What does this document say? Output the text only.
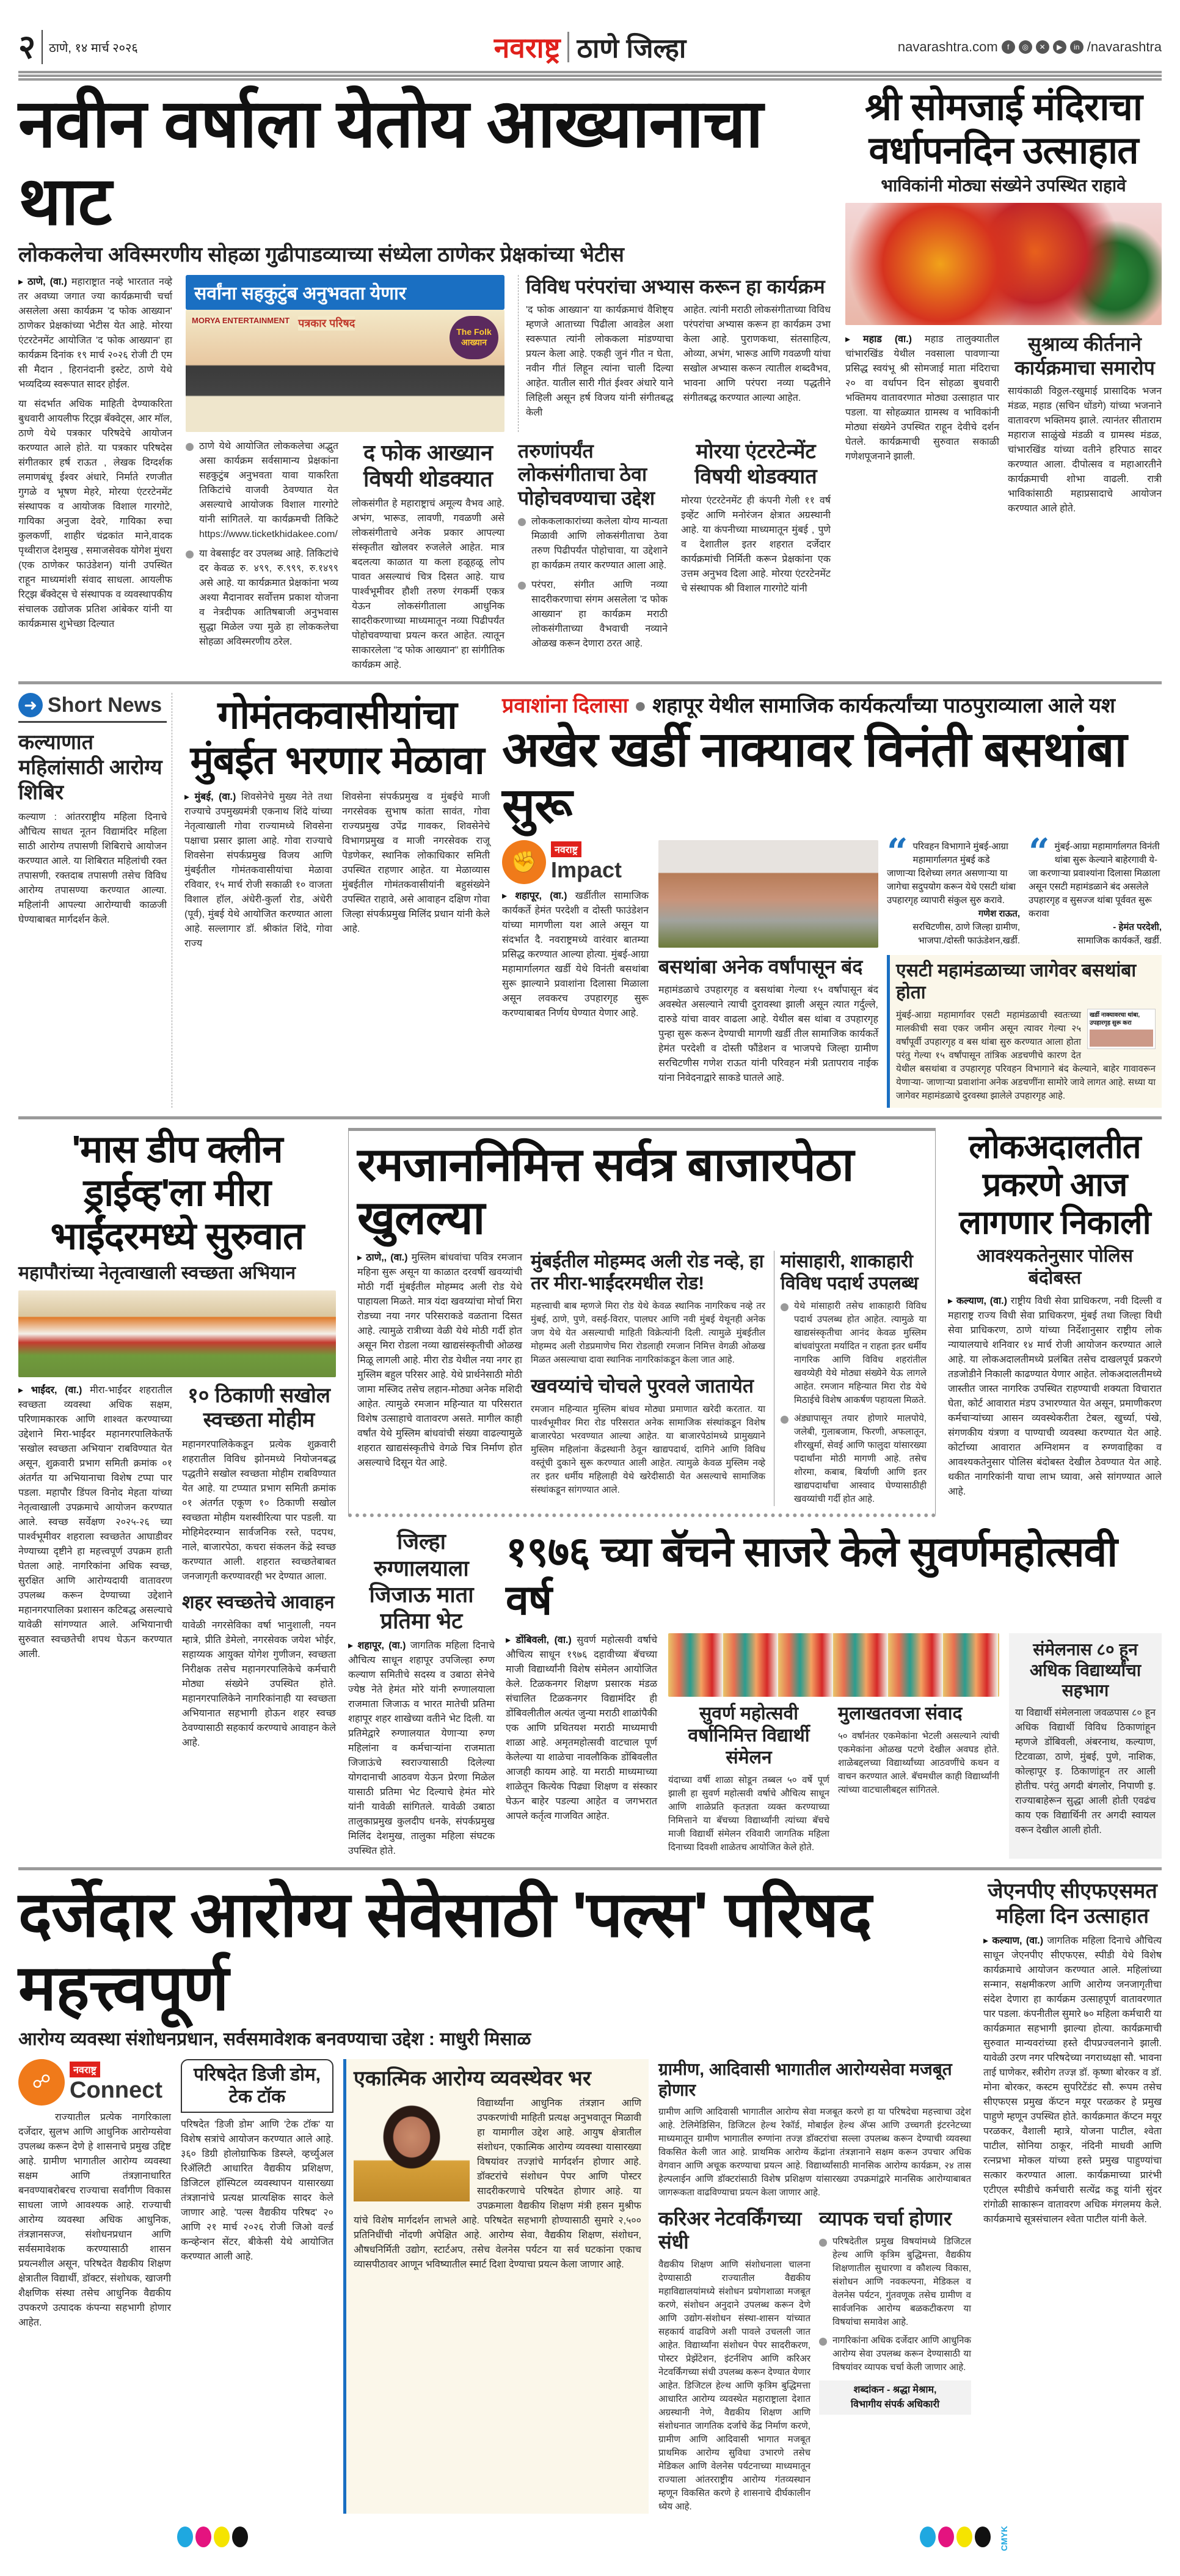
२ ठाणे, १४ मार्च २०२६	नवराष्ट्र ठाणे जिल्हा	navarashtra.com	f	◎	✕	▶	in /navarashtra
नवीन वर्षाला येतोय आख्यानाचा थाट
लोककलेचा अविस्मरणीय सोहळा गुढीपाडव्याच्या संध्येला ठाणेकर प्रेक्षकांच्या भेटीस
▸ ठाणे, (वा.) महाराष्ट्रात नव्हे भारतात नव्हे तर अवघ्या जगात ज्या कार्यक्रमाची चर्चा असलेला असा कार्यक्रम 'द फोक आख्यान' ठाणेकर प्रेक्षकांच्या भेटीस येत आहे. मोरया एंटरटेनमेंट आयोजित 'द फोक आख्यान' हा कार्यक्रम दिनांक १९ मार्च २०२६ रोजी टी एम सी मैदान , हिरानंदानी इस्टेट, ठाणे येथे भव्यदिव्य स्वरूपात सादर होईल.

या संदर्भात अधिक माहिती देण्याकरिता बुधवारी आयलीफ रिट्झ बँक्वेट्स, आर मॉल, ठाणे येथे पत्रकार परिषदेचे आयोजन करण्यात आले होते. या पत्रकार परिषदेस संगीतकार हर्ष राऊत , लेखक दिग्दर्शक लमाणबंधू ईश्वर अंधारे, निर्माते रणजीत गुगळे व भूषण मेहरे, मोरया एंटरटेनमेंट संस्थापक व आयोजक विशाल गारगोटे, गायिका अनुजा देवरे, गायिका रुचा कुलकर्णी, शाहीर चंद्रकांत माने,वादक पृथ्वीराज देशमुख , समाजसेवक योगेश मुंधरा (एक ठाणेकर फाउंडेशन) यांनी उपस्थित राहून माध्यमांशी संवाद साधला. आयलीफ रिट्झ बँक्वेट्स चे संस्थापक व व्यवस्थापकीय संचालक उद्योजक प्रतिश आंबेकर यांनी या कार्यक्रमास शुभेच्छा दिल्यात

सर्वांना सहकुटुंब अनुभवता येणार
MORYA ENTERTAINMENT पत्रकार परिषद
The Folk आख्यान

ठाणे येथे आयोजित लोककलेचा अद्भुत असा कार्यक्रम सर्वसामान्य प्रेक्षकांना सहकुटुंब अनुभवता यावा याकरिता तिकिटांचे वाजवी ठेवण्यात येत असल्याचे आयोजक विशाल गारगोटे यांनी सांगितले. या कार्यक्रमची तिकिटे https://www.ticketkhidakee.com/

या वेबसाईट वर उपलब्ध आहे. तिकिटांचे दर केवळ रु. ४९९, रु.९९९, रु.१४९९ असे आहे. या कार्यक्रमात प्रेक्षकांना भव्य अश्या मैदानावर सर्वोत्तम प्रकाश योजना व नेत्रदीपक आतिषबाजी अनुभवास सुद्धा मिळेल ज्या मुळे हा लोककलेचा सोहळा अविस्मरणीय ठरेल.

द फोक आख्यान विषयी थोडक्यात
लोकसंगीत हे महाराष्ट्राचं अमूल्य वैभव आहे. अभंग, भारूड, लावणी, गवळणी असे लोकसंगीताचे अनेक प्रकार आपल्या संस्कृतीत खोलवर रुजलेले आहेत. मात्र बदलत्या काळात या कला हळूहळू लोप पावत असल्याचं चित्र दिसत आहे. याच पार्श्वभूमीवर हौशी तरुण रंगकर्मी एकत्र येऊन लोकसंगीताला आधुनिक सादरीकरणाच्या माध्यमातून नव्या पिढीपर्यंत पोहोचवण्याचा प्रयत्न करत आहेत. त्यातून साकारलेला "द फोक आख्यान" हा सांगीतिक कार्यक्रम आहे.
विविध परंपरांचा अभ्यास करून हा कार्यक्रम
'द फोक आख्यान' या कार्यक्रमाचं वैशिष्ट्य म्हणजे आताच्या पिढीला आवडेल अशा स्वरूपात त्यांनी लोककला मांडण्याचा प्रयत्न केला आहे. एकही जुनं गीत न घेता, नवीन गीतं लिहून त्यांना चाली दिल्या आहेत. यातील सारी गीतं ईश्वर अंधारे याने लिहिली असून हर्ष विजय यांनी संगीतबद्ध केली
आहेत. त्यांनी मराठी लोकसंगीताच्या विविध परंपरांचा अभ्यास करून हा कार्यक्रम उभा केला आहे. पुराणकथा, संतसाहित्य, ओव्या, अभंग, भारूड आणि गवळणी यांचा सखोल अभ्यास करून त्यातील शब्दवैभव, भावना आणि परंपरा नव्या पद्धतीने संगीतबद्ध करण्यात आल्या आहेत.
तरुणांपर्यंत लोकसंगीताचा ठेवा पोहोचवण्याचा उद्देश

लोककलाकारांच्या कलेला योग्य मान्यता मिळावी आणि लोकसंगीताचा ठेवा तरुण पिढीपर्यंत पोहोचावा, या उद्देशाने हा कार्यक्रम तयार करण्यात आला आहे.

परंपरा, संगीत आणि नव्या सादरीकरणाचा संगम असलेला 'द फोक आख्यान' हा कार्यक्रम मराठी लोकसंगीताच्या वैभवाची नव्याने ओळख करून देणारा ठरत आहे.

मोरया एंटरटेन्मेंट विषयी थोडक्यात
मोरया एंटरटेनमेंट ही कंपनी गेली ११ वर्ष इव्हेंट आणि मनोरंजन क्षेत्रात अग्रस्थानी आहे. या कंपनीच्या माध्यमातून मुंबई , पुणे व देशातील इतर शहरात दर्जेदार कार्यक्रमांची निर्मिती करून प्रेक्षकांना एक उत्तम अनुभव दिला आहे. मोरया एंटरटेनमेंट चे संस्थापक श्री विशाल गारगोटे यांनी
श्री सोमजाई मंदिराचा वर्धापनदिन उत्साहात
भाविकांनी मोठ्या संख्येने उपस्थित राहावे
▸ महाड (वा.) महाड तालुक्यातील चांभारखिंड येथील नवसाला पावणाऱ्या प्रसिद्ध स्वयंभू श्री सोमजाई माता मंदिराचा २० वा वर्धापन दिन सोहळा बुधवारी भक्तिमय वातावरणात मोठ्या उत्साहात पार पडला. या सोहळ्यात ग्रामस्थ व भाविकांनी मोठ्या संख्येने उपस्थित राहून देवीचे दर्शन घेतले. कार्यक्रमाची सुरुवात सकाळी गणेशपूजनाने झाली.
सुश्राव्य कीर्तनाने कार्यक्रमाचा समारोप
सायंकाळी विठ्ठल-रखुमाई प्रासादिक भजन मंडळ, महाड (सचिन धोंडगे) यांच्या भजनाने वातावरण भक्तिमय झाले. त्यानंतर सीताराम महाराज साळुंखे मंडळी व ग्रामस्थ मंडळ, चांभारखिंड यांच्या वतीने हरिपाठ सादर करण्यात आला. दीपोत्सव व महाआरतीने कार्यक्रमाची शोभा वाढली. रात्री भाविकांसाठी महाप्रसादाचे आयोजन करण्यात आले होते.
➜ Short News
कल्याणात महिलांसाठी आरोग्य शिबिर
कल्याण : आंतरराष्ट्रीय महिला दिनाचे औचित्य साधत नूतन विद्यामंदिर महिला साठी आरोग्य तपासणी शिबिराचे आयोजन करण्यात आले. या शिबिरात महिलांची रक्त तपासणी, रक्तदाब तपासणी तसेच विविध आरोग्य तपासण्या करण्यात आल्या. महिलांनी आपल्या आरोग्याची काळजी घेण्याबाबत मार्गदर्शन केले.
गोमंतकवासीयांचा मुंबईत भरणार मेळावा
▸ मुंबई, (वा.) शिवसेनेचे मुख्य नेते तथा राज्याचे उपमुख्यमंत्री एकनाथ शिंदे यांच्या नेतृत्वाखाली गोवा राज्यामध्ये शिवसेना पक्षाचा प्रसार झाला आहे. गोवा राज्याचे शिवसेना संपर्कप्रमुख विजय आणि मुंबईतील गोमंतकवासीयांचा मेळावा रविवार, १५ मार्च रोजी सकाळी १० वाजता विशाल हॉल, अंधेरी-कुर्ला रोड, अंधेरी (पूर्व), मुंबई येथे आयोजित करण्यात आला आहे. सल्लागार डॉ. श्रीकांत शिंदे, गोवा राज्य
शिवसेना संपर्कप्रमुख व मुंबईचे माजी नगरसेवक सुभाष कांता सावंत, गोवा राज्यप्रमुख उपेंद्र गावकर, शिवसेनेचे विभागप्रमुख व माजी नगरसेवक राजू पेडणेकर, स्थानिक लोकाधिकार समिती उपस्थित राहणार आहेत. या मेळाव्यास मुंबईतील गोमंतकवासीयांनी बहुसंख्येने उपस्थित राहावे, असे आवाहन दक्षिण गोवा जिल्हा संपर्कप्रमुख मिलिंद प्रधान यांनी केले आहे.
प्रवाशांना दिलासा ● शहापूर येथील सामाजिक कार्यकर्त्यांच्या पाठपुराव्याला आले यश
अखेर खर्डी नाक्यावर विनंती बसथांबा सुरू
✊
नवराष्ट्र
Impact
▸ शहापूर, (वा.) खर्डीतील सामाजिक कार्यकर्ते हेमंत परदेशी व दोस्ती फाउंडेशन यांच्या मागणीला यश आले असून या संदर्भात दै. नवराष्ट्रमध्ये वारंवार बातम्या प्रसिद्ध करण्यात आल्या होत्या. मुंबई-आग्रा महामार्गालगत खर्डी येथे विनंती बसथांबा सुरू झाल्याने प्रवाशांना दिलासा मिळाला असून लवकरच उपहारगृह सुरू करण्याबाबत निर्णय घेण्यात येणार आहे.
“ परिवहन विभागाने मुंबई-आग्रा महामार्गालगत मुंबई कडे जाणाऱ्या दिशेच्या लगत असणाऱ्या या जागेचा सदुपयोग करून येथे एसटी थांबा उपहारगृह व्यापारी संकुल सुरु करावे.
गणेश राऊत,
सरचिटणीस, ठाणे जिल्हा ग्रामीण, भाजपा./दोस्ती फाऊंडेशन,खर्डी.
“ मुंबई-आग्रा महामार्गालगत विनंती थांबा सुरू केल्याने बाहेरगावी ये-जा करणाऱ्या प्रवाश्यांना दिलासा मिळाला असून एसटी महामंडळाने बंद असलेले उपहारगृह व सुसज्ज थांबा पूर्ववत सुरू करावा
- हेमंत परदेशी,
सामाजिक कार्यकर्ते, खर्डी.
बसथांबा अनेक वर्षांपासून बंद
महामंडळाचे उपहारगृह व बसथांबा गेल्या १५ वर्षांपासून बंद अवस्थेत असल्याने त्याची दुरावस्था झाली असून त्यात गर्दुल्ले, दारुडे यांचा वावर वाढला आहे. येथील बस थांबा व उपहारगृह पुन्हा सुरू करून देण्याची मागणी खर्डी तील सामाजिक कार्यकर्ते हेमंत परदेशी व दोस्ती फौंडेशन व भाजपचे जिल्हा ग्रामीण सरचिटणीस गणेश राऊत यांनी परिवहन मंत्री प्रतापराव नाईक यांना निवेदनाद्वारे साकडे घातले आहे.
एसटी महामंडळाच्या जागेवर बसथांबा होता
खर्डी नाक्यावरचा थांबा, उपहारगृह सुरू करा
मुंबई-आग्रा महामार्गावर एसटी महामंडळाची स्वतःच्या मालकीची सवा एकर जमीन असून त्यावर गेल्या २५ वर्षांपूर्वी उपहारगृह व बस थांबा सुरु करण्यात आला होता परंतु गेल्या १५ वर्षांपासून तांत्रिक अडचणीचे कारण देत येथील बसथांबा व उपहारगृह परिवहन विभागाने बंद केल्याने, बाहेर गावावरून येणाऱ्या- जाणाऱ्या प्रवाशांना अनेक अडचणींना सामोरे जावे लागत आहे. सध्या या जागेवर महामंडळाचे दुरवस्था झालेले उपहारगृह आहे.
'मास डीप क्लीन ड्राईव्ह'ला मीरा भाईंदरमध्ये सुरुवात
महापौरांच्या नेतृत्वाखाली स्वच्छता अभियान
▸ भाईंदर, (वा.) मीरा-भाईंदर शहरातील स्वच्छता व्यवस्था अधिक सक्षम, परिणामकारक आणि शाश्वत करण्याच्या उद्देशाने मिरा-भाईंदर महानगरपालिकेतर्फे 'सखोल स्वच्छता अभियान' राबविण्यात येत असून, शुक्रवारी प्रभाग समिती क्रमांक ०१ अंतर्गत या अभियानाचा विशेष टप्पा पार पडला. महापौर डिंपल विनोद मेहता यांच्या नेतृत्वाखाली उपक्रमाचे आयोजन करण्यात आले. स्वच्छ सर्वेक्षण २०२५-२६ च्या पार्श्वभूमीवर शहराला स्वच्छतेत आघाडीवर नेण्याच्या दृष्टीने हा महत्त्वपूर्ण उपक्रम हाती घेतला आहे. नागरिकांना अधिक स्वच्छ, सुरक्षित आणि आरोग्यदायी वातावरण उपलब्ध करून देण्याच्या उद्देशाने महानगरपालिका प्रशासन कटिबद्ध असल्याचे यावेळी सांगण्यात आले. अभियानाची सुरुवात स्वच्छतेची शपथ घेऊन करण्यात आली.
१० ठिकाणी सखोल स्वच्छता मोहीम
महानगरपालिकेकडून प्रत्येक शुक्रवारी शहरातील विविध झोनमध्ये नियोजनबद्ध पद्धतीने सखोल स्वच्छता मोहीम राबविण्यात येत आहे. या टप्प्यात प्रभाग समिती क्रमांक ०१ अंतर्गत एकूण १० ठिकाणी सखोल स्वच्छता मोहीम यशस्वीरित्या पार पडली. या मोहिमेदरम्यान सार्वजनिक रस्ते, पदपथ, नाले, बाजारपेठा, कचरा संकलन केंद्रे स्वच्छ करण्यात आली. शहरात स्वच्छतेबाबत जनजागृती करण्यावरही भर देण्यात आला.
शहर स्वच्छतेचे आवाहन
यावेळी नगरसेविका वर्षा भानुशाली, नयन म्हात्रे, प्रीति डेमेलो, नगरसेवक जयेश भोईर, सहाय्यक आयुक्त योगेश गुणीजन, स्वच्छता निरीक्षक तसेच महानगरपालिकेचे कर्मचारी मोठ्या संख्येने उपस्थित होते. महानगरपालिकेने नागरिकांनाही या स्वच्छता अभियानात सहभागी होऊन शहर स्वच्छ ठेवण्यासाठी सहकार्य करण्याचे आवाहन केले आहे.
रमजाननिमित्त सर्वत्र बाजारपेठा खुलल्या
▸ ठाणे,, (वा.) मुस्लिम बांधवांचा पवित्र रमजान महिना सुरू असून या काळात दरवर्षी खवय्यांची मोठी गर्दी मुंबईतील मोहम्मद अली रोड येथे पाहायला मिळते. मात्र यंदा खवय्यांचा मोर्चा मिरा रोडच्या नया नगर परिसराकडे वळताना दिसत आहे. त्यामुळे रात्रीच्या वेळी येथे मोठी गर्दी होत असून मिरा रोडला नव्या खाद्यसंस्कृतीची ओळख मिळू लागली आहे. मीरा रोड येथील नया नगर हा मुस्लिम बहुल परिसर आहे. येथे प्रार्थनेसाठी मोठी जामा मस्जिद तसेच लहान-मोठ्या अनेक मशिदी आहेत. त्यामुळे रमजान महिन्यात या परिसरात विशेष उत्साहाचे वातावरण असते. मागील काही वर्षांत येथे मुस्लिम बांधवांची संख्या वाढल्यामुळे शहरात खाद्यसंस्कृतीचे वेगळे चित्र निर्माण होत असल्याचे दिसून येत आहे.
मुंबईतील मोहम्मद अली रोड नव्हे, हा तर मीरा-भाईंदरमधील रोड!
महत्त्वाची बाब म्हणजे मिरा रोड येथे केवळ स्थानिक नागरिकच नव्हे तर मुंबई, ठाणे, पुणे, वसई-विरार, पालघर आणि नवी मुंबई येथूनही अनेक जण येथे येत असल्याची माहिती विक्रेत्यांनी दिली. त्यामुळे मुंबईतील मोहम्मद अली रोडप्रमाणेच मिरा रोडलाही रमजान निमित्त वेगळी ओळख मिळत असल्याचा दावा स्थानिक नागरिकांकडून केला जात आहे.
खवय्यांचे चोचले पुरवले जातायेत
रमजान महिन्यात मुस्लिम बांधव मोठ्या प्रमाणात खरेदी करतात. या पार्श्वभूमीवर मिरा रोड परिसरात अनेक सामाजिक संस्थांकडून विशेष बाजारपेठा भरवण्यात आल्या आहेत. या बाजारपेठांमध्ये प्रामुख्याने मुस्लिम महिलांना केंद्रस्थानी ठेवून खाद्यपदार्थ, दागिने आणि विविध वस्तूंची दुकाने सुरू करण्यात आली आहेत. त्यामुळे केवळ मुस्लिम नव्हे तर इतर धर्मीय महिलाही येथे खरेदीसाठी येत असल्याचे सामाजिक संस्थांकडून सांगण्यात आले.
मांसाहारी, शाकाहारी विविध पदार्थ उपलब्ध

येथे मांसाहारी तसेच शाकाहारी विविध पदार्थ उपलब्ध होत आहेत. त्यामुळे या खाद्यसंस्कृतीचा आनंद केवळ मुस्लिम बांधवांपुरता मर्यादित न राहता इतर धर्मीय नागरिक आणि विविध शहरांतील खवय्येही येथे मोठ्या संख्येने येऊ लागले आहेत. रमजान महिन्यात मिरा रोड येथे मिठाईचे विशेष आकर्षण पहायला मिळते.

अंड्यापासून तयार होणारे मालपोये, जलेबी, गुलाबजाम, फिरणी, अफलातून, शीरखुर्मा, सेवई आणि फालुदा यांसारख्या पदार्थांना मोठी मागणी आहे. तसेच शोरमा, कबाब, बिर्याणी आणि इतर खाद्यपदार्थांचा आस्वाद घेण्यासाठीही खवय्यांची गर्दी होत आहे.

लोकअदालतीत प्रकरणे आज लागणार निकाली
आवश्यकतेनुसार पोलिस बंदोबस्त
▸ कल्याण, (वा.) राष्ट्रीय विधी सेवा प्राधिकरण, नवी दिल्ली व महाराष्ट्र राज्य विधी सेवा प्राधिकरण, मुंबई तथा जिल्हा विधी सेवा प्राधिकरण, ठाणे यांच्या निर्देशानुसार राष्ट्रीय लोक न्यायालयाचे शनिवार १४ मार्च रोजी आयोजन करण्यात आले आहे. या लोकअदालतीमध्ये प्रलंबित तसेच दाखलपूर्व प्रकरणे तडजोडीने निकाली काढण्यात येणार आहेत. लोकअदालतीमध्ये जास्तीत जास्त नागरिक उपस्थित राहण्याची शक्यता विचारात घेता, कोर्ट आवारात मंडप उभारण्यात येत असून, प्रमाणीकरण कर्मचाऱ्यांच्या आसन व्यवस्थेकरीता टेबल, खुर्च्या, पंखे, संगणकीय यंत्रणा व पाण्याची व्यवस्था करण्यात येत आहे. कोर्टाच्या आवारात अग्निशमन व रुग्णवाहिका व आवश्यकतेनुसार पोलिस बंदोबस्त देखील ठेवण्यात येत आहे. थकीत नागरिकांनी याचा लाभ घ्यावा, असे सांगण्यात आले आहे.
जिल्हा रुग्णालयाला जिजाऊ माता प्रतिमा भेट
▸ शहापूर, (वा.) जागतिक महिला दिनाचे औचित्य साधून शहापूर उपजिल्हा रुग्ण कल्याण समितीचे सदस्य व उबाठा सेनेचे ज्येष्ठ नेते हेमंत मोरे यांनी रुग्णालयाला राजमाता जिजाऊ व भारत मातेची प्रतिमा शहापूर शहर शाखेच्या वतीने भेट दिली. या प्रतिमेद्वारे रुग्णालयात येणाऱ्या रुग्ण महिलांना व कर्मचाऱ्यांना राजमाता जिजाऊंचे स्वराज्यासाठी दिलेल्या योगदानाची आठवण येऊन प्रेरणा मिळेल यासाठी प्रतिमा भेट दिल्याचे हेमंत मोरे यांनी यावेळी सांगितले. यावेळी उबाठा तालुकाप्रमुख कुलदीप धनके, संपर्कप्रमुख मिलिंद देशमुख, तालुका महिला संघटक उपस्थित होते.
१९७६ च्या बॅचने साजरे केले सुवर्णमहोत्सवी वर्ष
▸ डोंबिवली, (वा.) सुवर्ण महोत्सवी वर्षाचे औचित्य साधून १९७६ दहावीच्या बॅचच्या माजी विद्यार्थ्यांनी विशेष संमेलन आयोजित केले. टिळकनगर शिक्षण प्रसारक मंडळ संचालित टिळकनगर विद्यामंदिर ही डोंबिवलीतील अत्यंत जुन्या मराठी शाळांपैकी एक आणि प्रथितयश मराठी माध्यमाची शाळा आहे. अमृतमहोत्सवी वाटचाल पूर्ण केलेल्या या शाळेचा नावलौकिक डोंबिवलीत आजही कायम आहे. या मराठी माध्यमाच्या शाळेतून कित्येक पिढ्या शिक्षण व संस्कार घेऊन बाहेर पडल्या आहेत व जगभरात आपले कर्तृत्व गाजवित आहेत.
सुवर्ण महोत्सवी वर्षानिमित्त विद्यार्थी संमेलन
यंदाच्या वर्षी शाळा सोडून तब्बल ५० वर्षे पूर्ण झाली हा सुवर्ण महोत्सवी वर्षाचे औचित्य साधून आणि शाळेप्रति कृतज्ञता व्यक्त करण्याच्या निमित्ताने या बॅचच्या विद्यार्थ्यांनी त्यांच्या बॅचचे माजी विद्यार्थी संमेलन रविवारी जागतिक महिला दिनाच्या दिवशी शाळेतच आयोजित केले होते.
मुलाखतवजा संवाद
५० वर्षांनंतर एकमेकांना भेटली असल्याने त्यांची एकमेकांना ओळख पटणे देखील अवघड होते. शाळेबद्दलच्या विद्यार्थ्यांच्या आठवणींचे कथन व वाचन करण्यात आले. बॅचमधील काही विद्यार्थ्यांनी त्यांच्या वाटचालीबद्दल सांगितले.
संमेलनास ८० हून अधिक विद्यार्थ्यांचा सहभाग
या विद्यार्थी संमेलनाला जवळपास ८० हून अधिक विद्यार्थी विविध ठिकाणांहून म्हणजे डोंबिवली, अंबरनाथ, कल्याण, टिटवाळा, ठाणे, मुंबई, पुणे, नाशिक, कोल्हापूर इ. ठिकाणांहून तर आली होतीच. परंतु अगदी बंगलोर, निपाणी इ. राज्याबाहेरून सुद्धा आली होती एवढंच काय एक विद्यार्थिनी तर अगदी स्वायल वरून देखील आली होती.
दर्जेदार आरोग्य सेवेसाठी 'पल्स' परिषद महत्त्वपूर्ण
आरोग्य व्यवस्था संशोधनप्रधान, सर्वसमावेशक बनवण्याचा उद्देश : माधुरी मिसाळ
☍
नवराष्ट्र
Connect
राज्यातील प्रत्येक नागरिकाला दर्जेदार, सुलभ आणि आधुनिक आरोग्यसेवा उपलब्ध करून देणे हे शासनाचे प्रमुख उद्दिष्ट आहे. ग्रामीण भागातील आरोग्य व्यवस्था सक्षम आणि तंत्रज्ञानाधारित बनवण्याबरोबरच राज्याचा सर्वांगीण विकास साधला जाणे आवश्यक आहे. राज्याची आरोग्य व्यवस्था अधिक आधुनिक, तंत्रज्ञानसज्ज, संशोधनप्रधान आणि सर्वसमावेशक करण्यासाठी शासन प्रयत्नशील असून, परिषदेत वैद्यकीय शिक्षण क्षेत्रातील विद्यार्थी, डॉक्टर, संशोधक, खाजगी शैक्षणिक संस्था तसेच आधुनिक वैद्यकीय उपकरणे उत्पादक कंपन्या सहभागी होणार आहेत.
परिषदेत डिजी डोम, टेक टॉक
परिषदेत 'डिजी डोम' आणि 'टेक टॉक' या विशेष सत्रांचे आयोजन करण्यात आले आहे. ३६० डिग्री होलोग्राफिक डिस्प्ले, व्हर्च्युअल रिॲलिटी आधारित वैद्यकीय प्रशिक्षण, डिजिटल हॉस्पिटल व्यवस्थापन यासारख्या तंत्रज्ञानांचे प्रत्यक्ष प्रात्यक्षिक सादर केले जाणार आहे. 'पल्स वैद्यकीय परिषद' २० आणि २१ मार्च २०२६ रोजी जिओ वर्ल्ड कन्व्हेन्शन सेंटर, बीकेसी येथे आयोजित करण्यात आली आहे.
एकात्मिक आरोग्य व्यवस्थेवर भर
विद्यार्थ्यांना आधुनिक तंत्रज्ञान आणि उपकरणांची माहिती प्रत्यक्ष अनुभवातून मिळावी हा यामागील उद्देश आहे. आयुष क्षेत्रातील संशोधन, एकात्मिक आरोग्य व्यवस्था यासारख्या विषयांवर तज्ज्ञांचे मार्गदर्शन होणार आहे. डॉक्टरांचे संशोधन पेपर आणि पोस्टर सादरीकरणाचे परिषदेत होणार आहे. या उपक्रमाला वैद्यकीय शिक्षण मंत्री हसन मुश्रीफ यांचे विशेष मार्गदर्शन लाभले आहे. परिषदेत सहभागी होण्यासाठी सुमारे २,५०० प्रतिनिधींची नोंदणी अपेक्षित आहे. आरोग्य सेवा, वैद्यकीय शिक्षण, संशोधन, औषधनिर्मिती उद्योग, स्टार्टअप, तसेच वेलनेस पर्यटन या सर्व घटकांना एकाच व्यासपीठावर आणून भविष्यातील स्मार्ट दिशा देण्याचा प्रयत्न केला जाणार आहे.
ग्रामीण, आदिवासी भागातील आरोग्यसेवा मजबूत होणार
ग्रामीण आणि आदिवासी भागातील आरोग्य सेवा मजबूत करणे हा या परिषदेचा महत्त्वाचा उद्देश आहे. टेलिमेडिसिन, डिजिटल हेल्थ रेकॉर्ड, मोबाईल हेल्थ ॲप्स आणि उच्चगती इंटरनेटच्या माध्यमातून ग्रामीण भागातील रुग्णांना तज्ज्ञ डॉक्टरांचा सल्ला उपलब्ध करून देण्याची व्यवस्था विकसित केली जात आहे. प्राथमिक आरोग्य केंद्रांना तंत्रज्ञानाने सक्षम करून उपचार अधिक वेगवान आणि अचूक करण्याचा प्रयत्न आहे. विद्यार्थ्यांसाठी मानसिक आरोग्य कार्यक्रम, २४ तास हेल्पलाईन आणि डॉक्टरांसाठी विशेष प्रशिक्षण यांसारख्या उपक्रमांद्वारे मानसिक आरोग्याबाबत जागरूकता वाढविण्याचा प्रयत्न केला जाणार आहे.
करिअर नेटवर्किंगच्या संधी
वैद्यकीय शिक्षण आणि संशोधनाला चालना देण्यासाठी राज्यातील वैद्यकीय महाविद्यालयांमध्ये संशोधन प्रयोगशाळा मजबूत करणे, संशोधन अनुदाने उपलब्ध करून देणे आणि उद्योग-संशोधन संस्था-शासन यांच्यात सहकार्य वाढविणे अशी पावले उचलली जात आहेत. विद्यार्थ्यांना संशोधन पेपर सादरीकरण, पोस्टर प्रेझेंटेशन, इंटर्नशिप आणि करिअर नेटवर्किंगच्या संधी उपलब्ध करून देण्यात येणार आहेत. डिजिटल हेल्थ आणि कृत्रिम बुद्धिमत्ता आधारित आरोग्य व्यवस्थेत महाराष्ट्राला देशात अग्रस्थानी नेणे, वैद्यकीय शिक्षण आणि संशोधनात जागतिक दर्जाचे केंद्र निर्माण करणे, ग्रामीण आणि आदिवासी भागात मजबूत प्राथमिक आरोग्य सुविधा उभारणे तसेच मेडिकल आणि वेलनेस पर्यटनाच्या माध्यमातून राज्याला आंतरराष्ट्रीय आरोग्य गंतव्यस्थान म्हणून विकसित करणे हे शासनाचे दीर्घकालीन ध्येय आहे.
व्यापक चर्चा होणार

परिषदेतील प्रमुख विषयांमध्ये डिजिटल हेल्थ आणि कृत्रिम बुद्धिमत्ता, वैद्यकीय शिक्षणातील सुधारणा व कौशल्य विकास, संशोधन आणि नवकल्पना, मेडिकल व वेलनेस पर्यटन, गुंतवणूक तसेच ग्रामीण व सार्वजनिक आरोग्य बळकटीकरण या विषयांचा समावेश आहे.

नागरिकांना अधिक दर्जेदार आणि आधुनिक आरोग्य सेवा उपलब्ध करून देण्यासाठी या विषयांवर व्यापक चर्चा केली जाणार आहे.

शब्दांकन - श्रद्धा मेश्राम,
विभागीय संपर्क अधिकारी
जेएनपीए सीएफएसमत महिला दिन उत्साहात
▸ कल्याण, (वा.) जागतिक महिला दिनाचे औचित्य साधून जेएनपीए सीएफएस, स्पीडी येथे विशेष कार्यक्रमाचे आयोजन करण्यात आले. महिलांच्या सन्मान, सक्षमीकरण आणि आरोग्य जनजागृतीचा संदेश देणारा हा कार्यक्रम उत्साहपूर्ण वातावरणात पार पडला. कंपनीतील सुमारे ७० महिला कर्मचारी या कार्यक्रमात सहभागी झाल्या होत्या. कार्यक्रमाची सुरुवात मान्यवरांच्या हस्ते दीपप्रज्वलनाने झाली. यावेळी उरण नगर परिषदेच्या नगराध्यक्षा सौ. भावना ताई घाणेकर, स्त्रीरोग तज्ज्ञ डॉ. कृष्णा बोरकर व डॉ. मोना बोरकर, कस्टम सुपरिटेंडंट सौ. रूपम तसेच सीएफएस प्रमुख कॅप्टन मयूर परळकर हे प्रमुख पाहुणे म्हणून उपस्थित होते. कार्यक्रमात कॅप्टन मयूर परळकर, वैशाली म्हात्रे, योजना पाटील, श्वेता पाटील, सोनिया ठाकूर, नंदिनी माधवी आणि रत्नप्रभा मोकल यांच्या हस्ते प्रमुख पाहुण्यांचा सत्कार करण्यात आला. कार्यक्रमाच्या प्रारंभी एटीएल स्पीडीचे कर्मचारी सत्येंद्र कडू यांनी सुंदर रांगोळी साकारून वातावरण अधिक मंगलमय केले. कार्यक्रमाचे सूत्रसंचालन श्वेता पाटील यांनी केले.
CMYK
